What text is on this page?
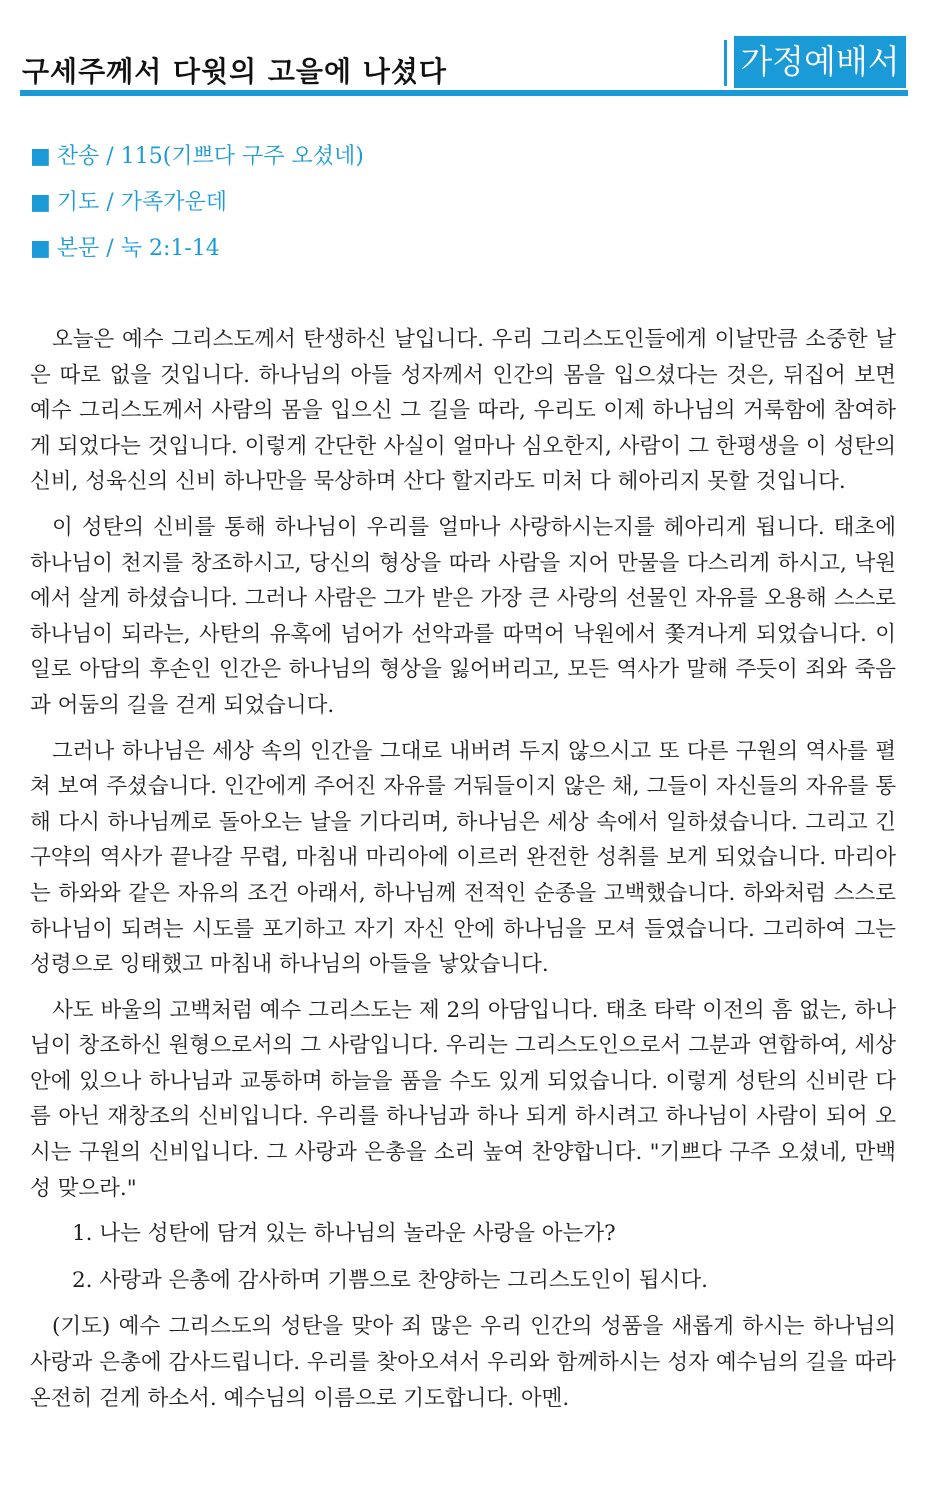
구세주께서 다윗의 고을에 나셨다	가정예배서
■ 찬송 / 115(기쁘다 구주 오셨네)
■ 기도 / 가족가운데
■ 본문 / 눅 2:1-14

오늘은 예수 그리스도께서 탄생하신 날입니다. 우리 그리스도인들에게 이날만큼 소중한 날은 따로 없을 것입니다. 하나님의 아들 성자께서 인간의 몸을 입으셨다는 것은, 뒤집어 보면 예수 그리스도께서 사람의 몸을 입으신 그 길을 따라, 우리도 이제 하나님의 거룩함에 참여하게 되었다는 것입니다. 이렇게 간단한 사실이 얼마나 심오한지, 사람이 그 한평생을 이 성탄의 신비, 성육신의 신비 하나만을 묵상하며 산다 할지라도 미처 다 헤아리지 못할 것입니다.

이 성탄의 신비를 통해 하나님이 우리를 얼마나 사랑하시는지를 헤아리게 됩니다. 태초에 하나님이 천지를 창조하시고, 당신의 형상을 따라 사람을 지어 만물을 다스리게 하시고, 낙원에서 살게 하셨습니다. 그러나 사람은 그가 받은 가장 큰 사랑의 선물인 자유를 오용해 스스로 하나님이 되라는, 사탄의 유혹에 넘어가 선악과를 따먹어 낙원에서 쫓겨나게 되었습니다. 이 일로 아담의 후손인 인간은 하나님의 형상을 잃어버리고, 모든 역사가 말해 주듯이 죄와 죽음과 어둠의 길을 걷게 되었습니다.

그러나 하나님은 세상 속의 인간을 그대로 내버려 두지 않으시고 또 다른 구원의 역사를 펼쳐 보여 주셨습니다. 인간에게 주어진 자유를 거둬들이지 않은 채, 그들이 자신들의 자유를 통해 다시 하나님께로 돌아오는 날을 기다리며, 하나님은 세상 속에서 일하셨습니다. 그리고 긴 구약의 역사가 끝나갈 무렵, 마침내 마리아에 이르러 완전한 성취를 보게 되었습니다. 마리아는 하와와 같은 자유의 조건 아래서, 하나님께 전적인 순종을 고백했습니다. 하와처럼 스스로 하나님이 되려는 시도를 포기하고 자기 자신 안에 하나님을 모셔 들였습니다. 그리하여 그는 성령으로 잉태했고 마침내 하나님의 아들을 낳았습니다.

사도 바울의 고백처럼 예수 그리스도는 제 2의 아담입니다. 태초 타락 이전의 흠 없는, 하나님이 창조하신 원형으로서의 그 사람입니다. 우리는 그리스도인으로서 그분과 연합하여, 세상 안에 있으나 하나님과 교통하며 하늘을 품을 수도 있게 되었습니다. 이렇게 성탄의 신비란 다름 아닌 재창조의 신비입니다. 우리를 하나님과 하나 되게 하시려고 하나님이 사람이 되어 오시는 구원의 신비입니다. 그 사랑과 은총을 소리 높여 찬양합니다. "기쁘다 구주 오셨네, 만백성 맞으라."

1. 나는 성탄에 담겨 있는 하나님의 놀라운 사랑을 아는가?

2. 사랑과 은총에 감사하며 기쁨으로 찬양하는 그리스도인이 됩시다.

(기도) 예수 그리스도의 성탄을 맞아 죄 많은 우리 인간의 성품을 새롭게 하시는 하나님의 사랑과 은총에 감사드립니다. 우리를 찾아오셔서 우리와 함께하시는 성자 예수님의 길을 따라 온전히 걷게 하소서. 예수님의 이름으로 기도합니다. 아멘.
